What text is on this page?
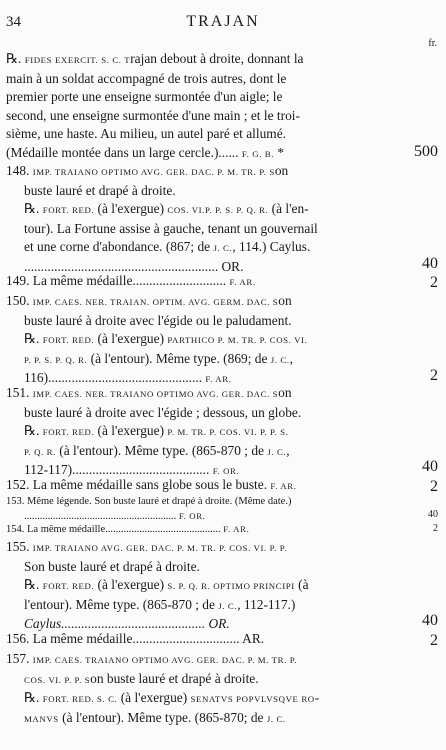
34	TRAJAN
fr.
℞. FIDES EXERCIT. S. C. Trajan debout à droite, donnant la
main à un soldat accompagné de trois autres, dont le
premier porte une enseigne surmontée d'un aigle; le
second, une enseigne surmontée d'une main ; et le troi-
sième, une haste. Au milieu, un autel paré et allumé.
(Médaille montée dans un large cercle.)...... F. G. B. *	500
148. IMP. TRAIANO OPTIMO AVG. GER. DAC. P. M. TR. P. Son
buste lauré et drapé à droite.
℞. FORT. RED. (à l'exergue) COS. VI.P. P. S. P. Q. R. (à l'en-
tour). La Fortune assise à gauche, tenant un gouvernail
et une corne d'abondance. (867; de J. C., 114.) Caylus.
.......................................................... OR.	40
149. La même médaille............................ F. AR.	2
150. IMP. CAES. NER. TRAIAN. OPTIM. AVG. GERM. DAC. Son
buste lauré à droite avec l'égide ou le paludament.
℞. FORT. RED. (à l'exergue) PARTHICO P. M. TR. P. COS. VI.
P. P. S. P. Q. R. (à l'entour). Même type. (869; de J. C.,
116).............................................. F. AR.	2
151. IMP. CAES. NER. TRAIANO OPTIMO AVG. GER. DAC. Son
buste lauré à droite avec l'égide ; dessous, un globe.
℞. FORT. RED. (à l'exergue) P. M. TR. P. COS. VI. P. P. S.
P. Q. R. (à l'entour). Même type. (865-870 ; de J. C.,
112-117)......................................... F. OR.	40
152. La même médaille sans globe sous le buste. F. AR.	2
153. Même légende. Son buste lauré et drapé à droite. (Même date.)
.......................................................... F. OR.	40
154. La même médaille............................................ F. AR.	2
155. IMP. TRAIANO AVG. GER. DAC. P. M. TR. P. COS. VI. P. P.
Son buste lauré et drapé à droite.
℞. FORT. RED. (à l'exergue) S. P. Q. R. OPTIMO PRINCIPI (à
l'entour). Même type. (865-870 ; de J. C., 112-117.)
Caylus........................................... OR.	40
156. La même médaille................................ AR.	2
157. IMP. CAES. TRAIANO OPTIMO AVG. GER. DAC. P. M. TR. P.
COS. VI. P. P. Son buste lauré et drapé à droite.
℞. FORT. RED. S. C. (à l'exergue) SENATVS POPVLVSQVE RO-
MANVS (à l'entour). Même type. (865-870; de J. C.
